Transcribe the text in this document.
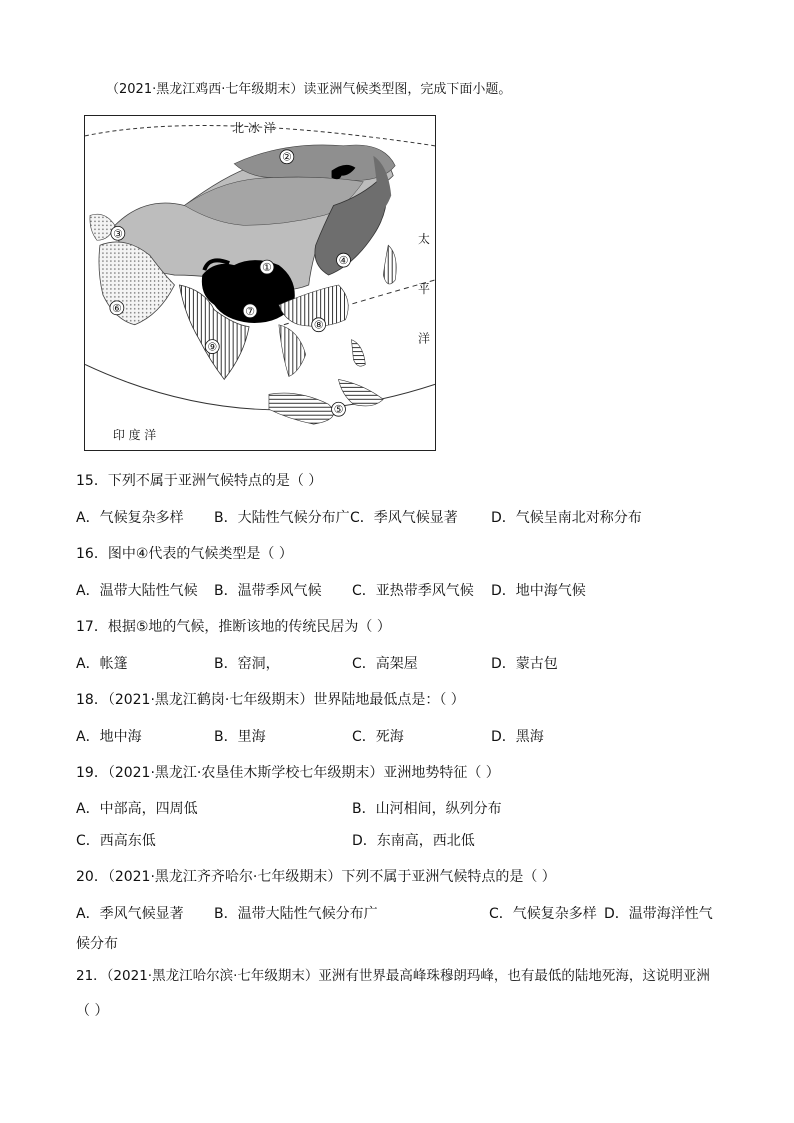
（2021·黑龙江鸡西·七年级期末）读亚洲气候类型图，完成下面小题。
北 冰 洋
太
平
洋
印 度 洋
①
②
③
④
⑤
⑥	⑦
⑧
⑨
15．下列不属于亚洲气候特点的是（ ）
A．气候复杂多样 B．大陆性气候分布广 C．季风气候显著 D．气候呈南北对称分布
16．图中④代表的气候类型是（ ）
A．温带大陆性气候 B．温带季风气候 C．亚热带季风气候 D．地中海气候
17．根据⑤地的气候，推断该地的传统民居为（ ）
A．帐篷	B．窑洞，	C．高架屋	D．蒙古包
18．（2021·黑龙江鹤岗·七年级期末）世界陆地最低点是：（ ）
A．地中海	B．里海	C．死海	D．黑海
19．（2021·黑龙江·农垦佳木斯学校七年级期末）亚洲地势特征（ ）
A．中部高，四周低	B．山河相间，纵列分布
C．西高东低	D．东南高，西北低
20．（2021·黑龙江齐齐哈尔·七年级期末）下列不属于亚洲气候特点的是（ ）
A．季风气候显著 B．温带大陆性气候分布广	C．气候复杂多样 D．温带海洋性气
候分布
21．（2021·黑龙江哈尔滨·七年级期末）亚洲有世界最高峰珠穆朗玛峰，也有最低的陆地死海，这说明亚洲
（ ）
